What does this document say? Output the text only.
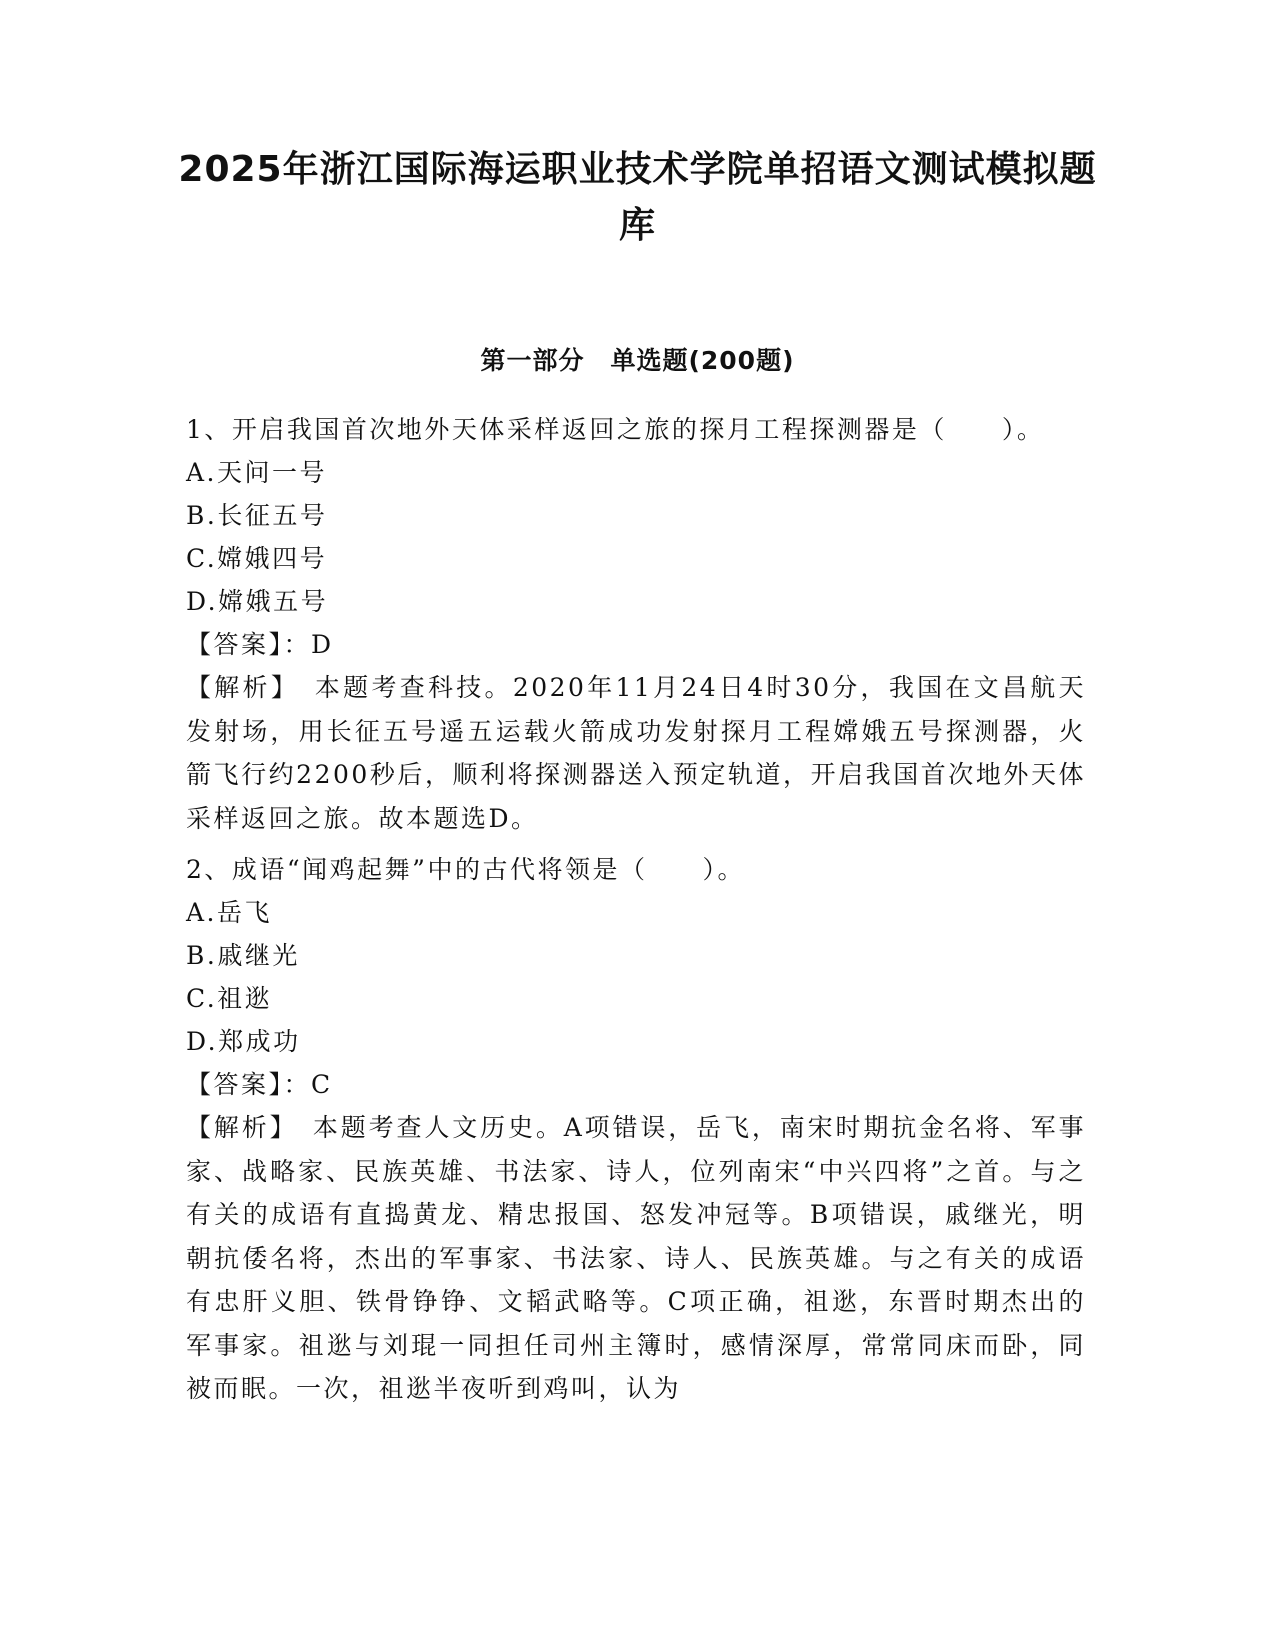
2025年浙江国际海运职业技术学院单招语文测试模拟题库
第一部分　单选题(200题)

1、开启我国首次地外天体采样返回之旅的探月工程探测器是（　　）。

A.天问一号

B.长征五号

C.嫦娥四号

D.嫦娥五号

【答案】：D

【解析】　本题考查科技。2020年11月24日4时30分，我国在文昌航天发射场，用长征五号遥五运载火箭成功发射探月工程嫦娥五号探测器，火箭飞行约2200秒后，顺利将探测器送入预定轨道，开启我国首次地外天体采样返回之旅。故本题选D。

2、成语“闻鸡起舞”中的古代将领是（　　）。

A.岳飞

B.戚继光

C.祖逖

D.郑成功

【答案】：C

【解析】　本题考查人文历史。A项错误，岳飞，南宋时期抗金名将、军事家、战略家、民族英雄、书法家、诗人，位列南宋“中兴四将”之首。与之有关的成语有直捣黄龙、精忠报国、怒发冲冠等。B项错误，戚继光，明朝抗倭名将，杰出的军事家、书法家、诗人、民族英雄。与之有关的成语有忠肝义胆、铁骨铮铮、文韬武略等。C项正确，祖逖，东晋时期杰出的军事家。祖逖与刘琨一同担任司州主簿时，感情深厚，常常同床而卧，同被而眠。一次，祖逖半夜听到鸡叫，认为
